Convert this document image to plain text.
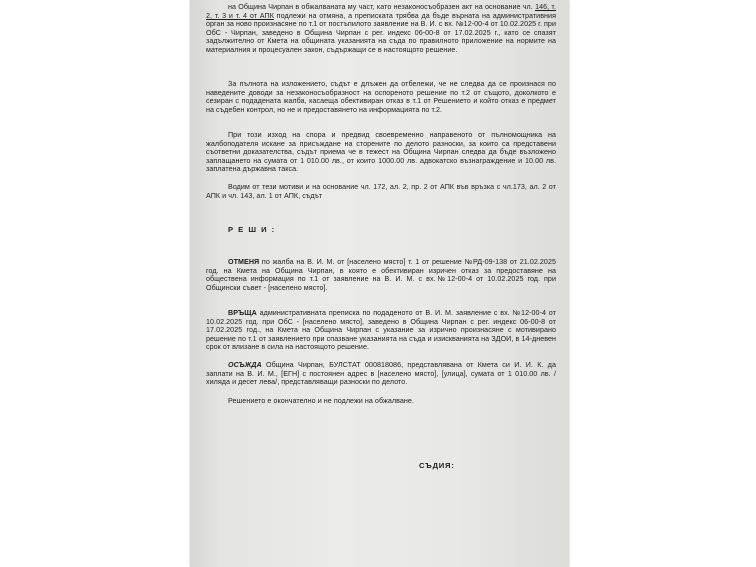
на Община Чирпан в обжалваната му част, като незаконосъобразен акт на основание чл. 146, т. 2, т. 3 и т. 4 от АПК подлежи на отмяна, а преписката трябва да бъде върната на административния орган за ново произнасяне по т.1 от постъпилото заявление на В. И. с вх. №12-00-4 от 10.02.2025 г. при ОбС - Чирпан, заведено в Община Чирпан с рег. индекс 06-00-8 от 17.02.2025 г., като се спазят задължително от Кмета на общината указанията на съда по правилното приложение на нормите на материалния и процесуален закон, съдържащи се в настоящото решение.

За пълнота на изложението, съдът е длъжен да отбележи, че не следва да се произнася по наведените доводи за незаконосъобразност на оспореното решение по т.2 от същото, доколкото е сезиран с подадената жалба, касаеща обективиран отказ в т.1 от Решението и който отказ е предмет на съдебен контрол, но не и предоставянето на информацията по т.2.

При този изход на спора и предвид своевременно направеното от пълномощника на жалбоподателя искане за присъждане на сторените по делото разноски, за които са представени съответни доказателства, съдът приема че в тежест на Община Чирпан следва да бъде възложено заплащането на сумата от 1 010.00 лв., от които 1000.00 лв. адвокатско възнаграждение и 10.00 лв. заплатена държавна такса.

Водим от тези мотиви и на основание чл. 172, ал. 2, пр. 2 от АПК във връзка с чл.173, ал. 2 от АПК и чл. 143, ал. 1 от АПК, съдът

Р Е Ш И :

ОТМЕНЯ по жалба на В. И. М. от [населено място] т. 1 от решение №РД-09-138 от 21.02.2025 год. на Кмета на Община Чирпан, в която е обективиран изричен отказ за предоставяне на обществена информация по т.1 от заявление на В. И. М. с вх.№12-00-4 от 10.02.2025 год. при Общински съвет - [населено място].

ВРЪЩА административната преписка по подаденото от В. И. М. заявление с вх. №12-00-4 от 10.02.2025 год. при ОбС - [населено място], заведено в Община Чирпан с рег. индекс 06-00-8 от 17.02.2025 год., на Кмета на Община Чирпан с указание за изрично произнасяне с мотивирано решение по т.1 от заявлението при спазване указанията на съда и изискванията на ЗДОИ, в 14-дневен срок от влизане в сила на настоящото решение.

ОСЪЖДА Община Чирпан, БУЛСТАТ 000818086, представлявана от Кмета си И. И. К. да заплати на В. И. М., [ЕГН] с постоянен адрес в [населено място], [улица], сумата от 1 010.00 лв. /хиляда и десет лева/, представляващи разноски по делото.

Решението е окончателно и не подлежи на обжалване.

СЪДИЯ:
